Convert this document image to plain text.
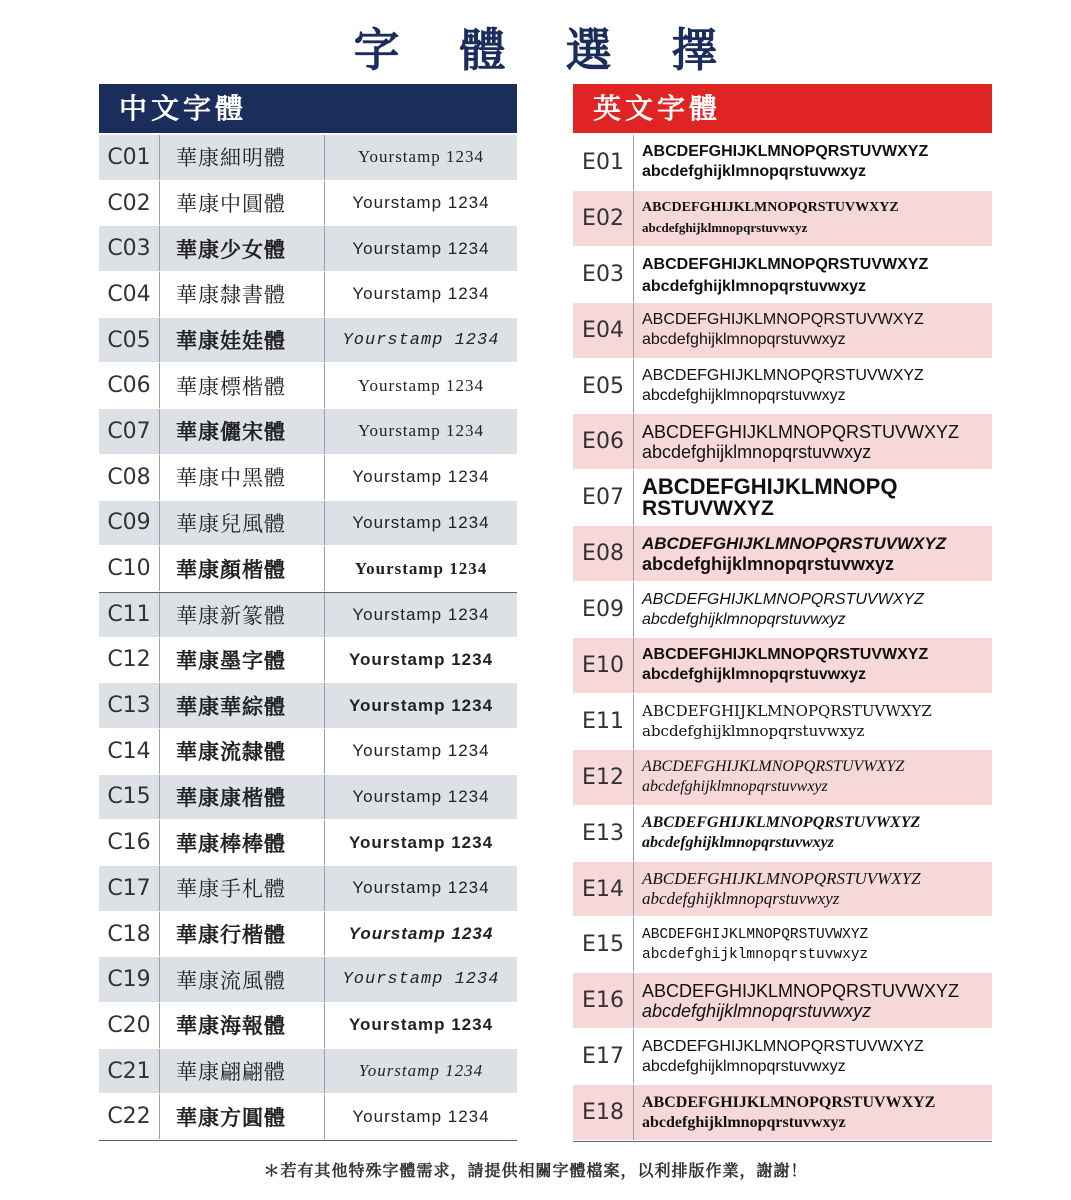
字 體 選 擇
中文字體
C01	華康細明體	Yourstamp 1234
C02	華康中圓體	Yourstamp 1234
C03	華康少女體	Yourstamp 1234
C04	華康隸書體	Yourstamp 1234
C05	華康娃娃體	Yourstamp 1234
C06	華康標楷體	Yourstamp 1234
C07	華康儷宋體	Yourstamp 1234
C08	華康中黑體	Yourstamp 1234
C09	華康兒風體	Yourstamp 1234
C10	華康顏楷體	Yourstamp 1234
C11	華康新篆體	Yourstamp 1234
C12	華康墨字體	Yourstamp 1234
C13	華康華綜體	Yourstamp 1234
C14	華康流隸體	Yourstamp 1234
C15	華康康楷體	Yourstamp 1234
C16	華康棒棒體	Yourstamp 1234
C17	華康手札體	Yourstamp 1234
C18	華康行楷體	Yourstamp 1234
C19	華康流風體	Yourstamp 1234
C20	華康海報體	Yourstamp 1234
C21	華康翩翩體	Yourstamp 1234
C22	華康方圓體	Yourstamp 1234
英文字體
E01	ABCDEFGHIJKLMNOPQRSTUVWXYZ
abcdefghijklmnopqrstuvwxyz
E02	ABCDEFGHIJKLMNOPQRSTUVWXYZ
abcdefghijklmnopqrstuvwxyz
E03	ABCDEFGHIJKLMNOPQRSTUVWXYZ
abcdefghijklmnopqrstuvwxyz
E04	ABCDEFGHIJKLMNOPQRSTUVWXYZ
abcdefghijklmnopqrstuvwxyz
E05	ABCDEFGHIJKLMNOPQRSTUVWXYZ
abcdefghijklmnopqrstuvwxyz
E06	ABCDEFGHIJKLMNOPQRSTUVWXYZ
abcdefghijklmnopqrstuvwxyz
E07 ABCDEFGHIJKLMNOPQ
RSTUVWXYZ
E08	ABCDEFGHIJKLMNOPQRSTUVWXYZ
abcdefghijklmnopqrstuvwxyz
E09	ABCDEFGHIJKLMNOPQRSTUVWXYZ
abcdefghijklmnopqrstuvwxyz
E10	ABCDEFGHIJKLMNOPQRSTUVWXYZ
abcdefghijklmnopqrstuvwxyz
E11	ABCDEFGHIJKLMNOPQRSTUVWXYZ
abcdefghijklmnopqrstuvwxyz
E12	ABCDEFGHIJKLMNOPQRSTUVWXYZ
abcdefghijklmnopqrstuvwxyz
E13	ABCDEFGHIJKLMNOPQRSTUVWXYZ
abcdefghijklmnopqrstuvwxyz
E14	ABCDEFGHIJKLMNOPQRSTUVWXYZ
abcdefghijklmnopqrstuvwxyz
E15	ABCDEFGHIJKLMNOPQRSTUVWXYZ
abcdefghijklmnopqrstuvwxyz
E16	ABCDEFGHIJKLMNOPQRSTUVWXYZ
abcdefghijklmnopqrstuvwxyz
E17	ABCDEFGHIJKLMNOPQRSTUVWXYZ
abcdefghijklmnopqrstuvwxyz
E18	ABCDEFGHIJKLMNOPQRSTUVWXYZ
abcdefghijklmnopqrstuvwxyz
＊若有其他特殊字體需求，請提供相關字體檔案，以利排版作業，謝謝！
